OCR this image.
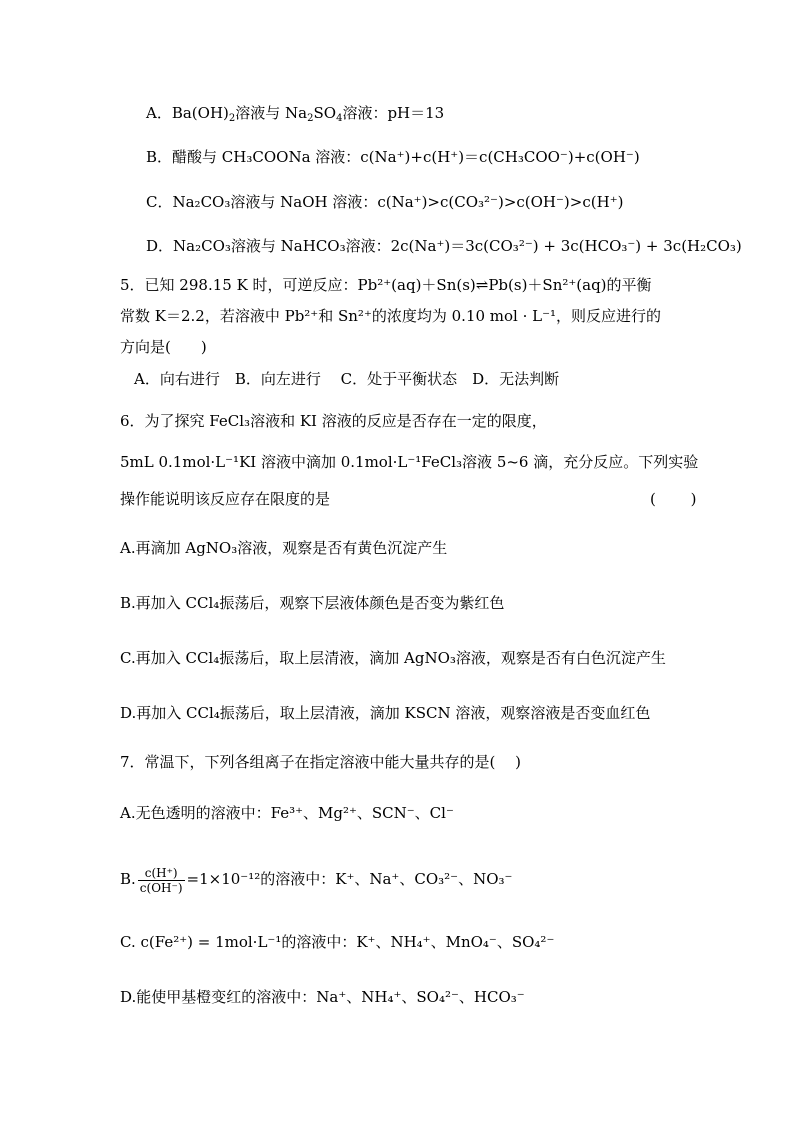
A．$Ba(OH)_2$溶液与 $Na_2SO_4$溶液：pH＝13
B．醋酸与 CH₃COONa 溶液：c(Na⁺)+c(H⁺)＝c(CH₃COO⁻)+c(OH⁻)
C．Na₂CO₃溶液与 NaOH 溶液：c(Na⁺)>c(CO₃²⁻)>c(OH⁻)>c(H⁺)
D．Na₂CO₃溶液与 NaHCO₃溶液：2c(Na⁺)＝3c(CO₃²⁻) + 3c(HCO₃⁻) + 3c(H₂CO₃)
5．已知 298.15 K 时，可逆反应：Pb²⁺(aq)＋Sn(s)⇌Pb(s)＋Sn²⁺(aq)的平衡
常数 K＝2.2，若溶液中 Pb²⁺和 Sn²⁺的浓度均为 0.10 mol · L⁻¹，则反应进行的
方向是(　　)
A．向右进行　B．向左进行　 C．处于平衡状态　D．无法判断
6．为了探究 FeCl₃溶液和 KI 溶液的反应是否存在一定的限度，
5mL 0.1mol·L⁻¹KI 溶液中滴加 0.1mol·L⁻¹FeCl₃溶液 5~6 滴，充分反应。下列实验
操作能说明该反应存在限度的是	(　　 )
A.再滴加 AgNO₃溶液，观察是否有黄色沉淀产生
B.再加入 CCl₄振荡后，观察下层液体颜色是否变为紫红色
C.再加入 CCl₄振荡后，取上层清液，滴加 AgNO₃溶液，观察是否有白色沉淀产生
D.再加入 CCl₄振荡后，取上层清液，滴加 KSCN 溶液，观察溶液是否变血红色
7．常温下，下列各组离子在指定溶液中能大量共存的是(　 )
A.无色透明的溶液中：Fe³⁺、Mg²⁺、SCN⁻、Cl⁻
B. $\frac{c(H^+)}{c(OH^-)} =1\times 10^{-12}$的溶液中：K⁺、Na⁺、CO₃²⁻、NO₃⁻
C. c(Fe²⁺) = 1mol·L⁻¹的溶液中：K⁺、NH₄⁺、MnO₄⁻、SO₄²⁻
D.能使甲基橙变红的溶液中：Na⁺、NH₄⁺、SO₄²⁻、HCO₃⁻
